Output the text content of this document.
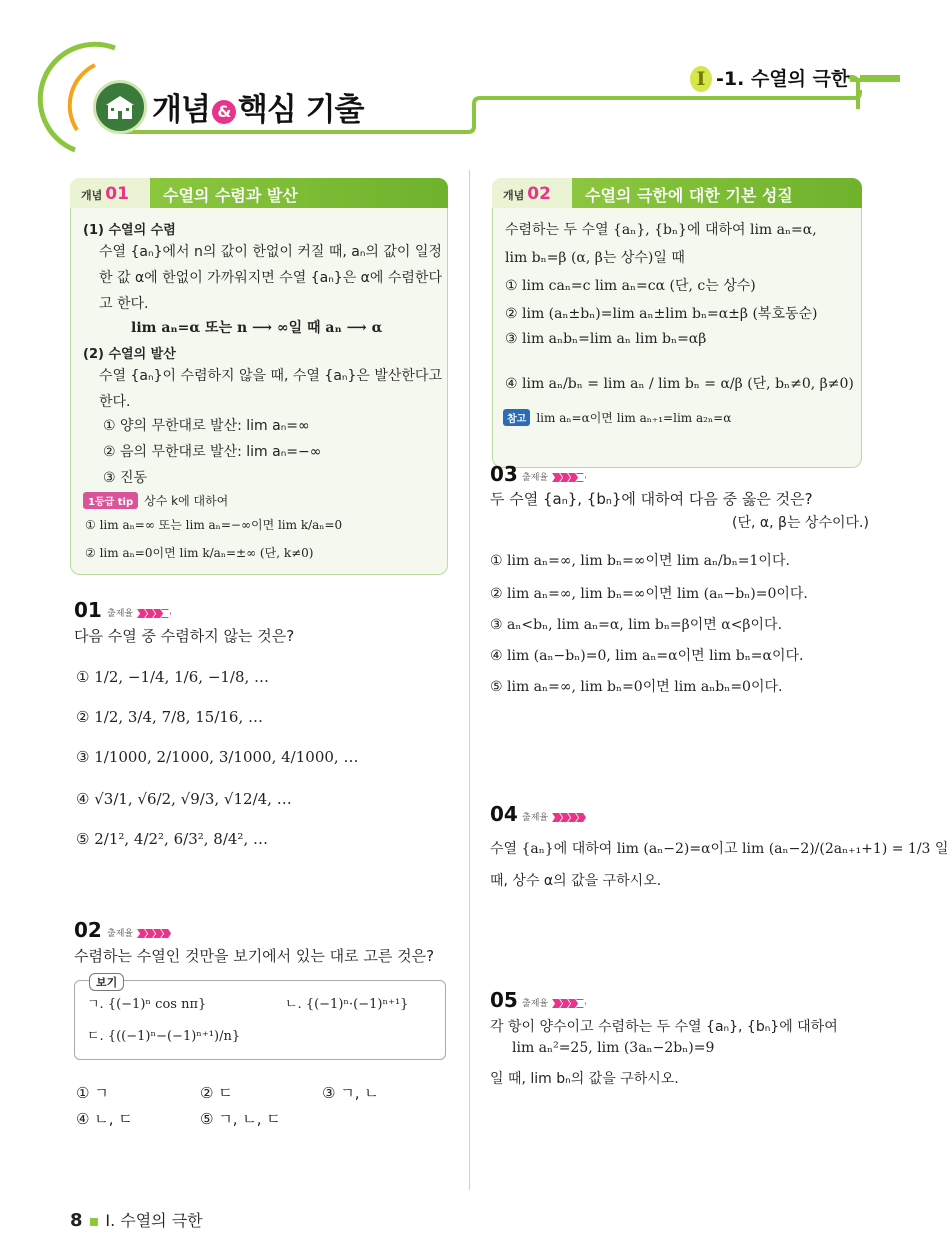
개념 & 핵심 기출
I -1. 수열의 극한
개념 01 수열의 수렴과 발산
(1) 수열의 수렴
수열 {aₙ}에서 n의 값이 한없이 커질 때, aₙ의 값이 일정
한 값 α에 한없이 가까워지면 수열 {aₙ}은 α에 수렴한다
고 한다.
lim aₙ=α 또는 n ⟶ ∞일 때 aₙ ⟶ α
(2) 수열의 발산
수열 {aₙ}이 수렴하지 않을 때, 수열 {aₙ}은 발산한다고
한다.
① 양의 무한대로 발산: lim aₙ=∞
② 음의 무한대로 발산: lim aₙ=−∞
③ 진동
1등급 tip 상수 k에 대하여
① lim aₙ=∞ 또는 lim aₙ=−∞이면 lim k/aₙ=0
② lim aₙ=0이면 lim k/aₙ=±∞ (단, k≠0)
개념 02 수열의 극한에 대한 기본 성질
수렴하는 두 수열 {aₙ}, {bₙ}에 대하여 lim aₙ=α,
lim bₙ=β (α, β는 상수)일 때
① lim caₙ=c lim aₙ=cα (단, c는 상수)
② lim (aₙ±bₙ)=lim aₙ±lim bₙ=α±β (복호동순)
③ lim aₙbₙ=lim aₙ lim bₙ=αβ
④ lim aₙ/bₙ = lim aₙ / lim bₙ = α/β (단, bₙ≠0, β≠0)
참고 lim aₙ=α이면 lim aₙ₊₁=lim a₂ₙ=α
01 출제율
다음 수열 중 수렴하지 않는 것은?
① 1/2, −1/4, 1/6, −1/8, …
② 1/2, 3/4, 7/8, 15/16, …
③ 1/1000, 2/1000, 3/1000, 4/1000, …
④ √3/1, √6/2, √9/3, √12/4, …
⑤ 2/1², 4/2², 6/3², 8/4², …
02 출제율
수렴하는 수열인 것만을 보기에서 있는 대로 고른 것은?
보기
ㄱ. {(−1)ⁿ cos nπ}	ㄴ. {(−1)ⁿ·(−1)ⁿ⁺¹}
ㄷ. {((−1)ⁿ−(−1)ⁿ⁺¹)/n}
① ㄱ	② ㄷ	③ ㄱ, ㄴ
④ ㄴ, ㄷ	⑤ ㄱ, ㄴ, ㄷ
03 출제율
두 수열 {aₙ}, {bₙ}에 대하여 다음 중 옳은 것은?
(단, α, β는 상수이다.)
① lim aₙ=∞, lim bₙ=∞이면 lim aₙ/bₙ=1이다.
② lim aₙ=∞, lim bₙ=∞이면 lim (aₙ−bₙ)=0이다.
③ aₙ<bₙ, lim aₙ=α, lim bₙ=β이면 α<β이다.
④ lim (aₙ−bₙ)=0, lim aₙ=α이면 lim bₙ=α이다.
⑤ lim aₙ=∞, lim bₙ=0이면 lim aₙbₙ=0이다.
04 출제율
수열 {aₙ}에 대하여 lim (aₙ−2)=α이고 lim (aₙ−2)/(2aₙ₊₁+1) = 1/3 일
때, 상수 α의 값을 구하시오.
05 출제율
각 항이 양수이고 수렴하는 두 수열 {aₙ}, {bₙ}에 대하여
lim aₙ²=25, lim (3aₙ−2bₙ)=9
일 때, lim bₙ의 값을 구하시오.
8 ▪ I. 수열의 극한
